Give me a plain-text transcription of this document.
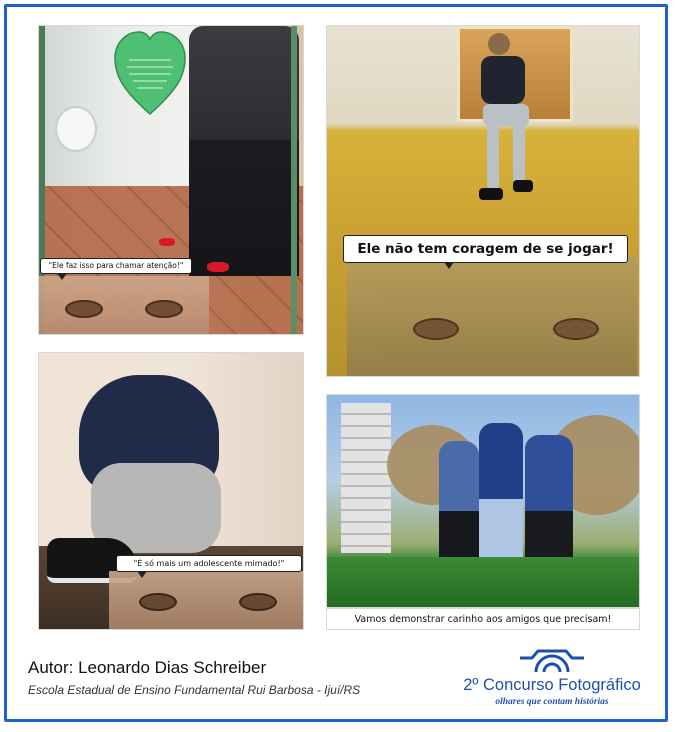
"Ele faz isso para chamar atenção!"
Ele não tem coragem de se jogar!
"É só mais um adolescente mimado!"
Vamos demonstrar carinho aos amigos que precisam!
Autor: Leonardo Dias Schreiber
Escola Estadual de Ensino Fundamental Rui Barbosa - Ijuí/RS	2º Concurso Fotográfico
olhares que contam histórias
